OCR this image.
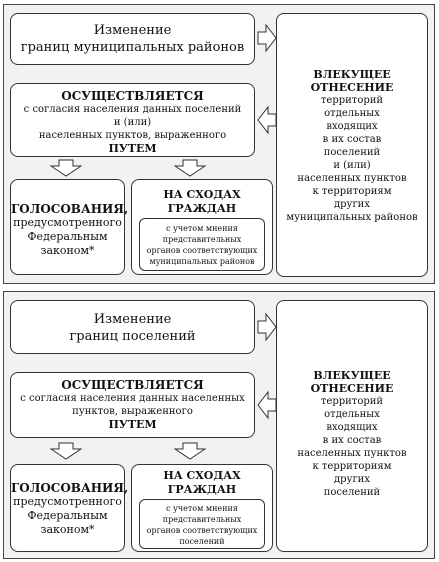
Изменение
границ муниципальных районов
ОСУЩЕСТВЛЯЕТСЯ
с согласия населения данных поселений
и (или)
населенных пунктов, выраженного
ПУТЕМ
ГОЛОСОВАНИЯ,
предусмотренного
Федеральным
законом*
НА СХОДАХ
ГРАЖДАН
с учетом мнения
представительных
органов соответствующих
муниципальных районов
ВЛЕКУЩЕЕ
ОТНЕСЕНИЕ
территорий
отдельных
входящих
в их состав
поселений
и (или)
населенных пунктов
к территориям
других
муниципальных районов
Изменение
границ поселений
ОСУЩЕСТВЛЯЕТСЯ
с согласия населения данных населенных
пунктов, выраженного
ПУТЕМ
ГОЛОСОВАНИЯ,
предусмотренного
Федеральным
законом*
НА СХОДАХ
ГРАЖДАН
с учетом мнения
представительных
органов соответствующих
поселений
ВЛЕКУЩЕЕ
ОТНЕСЕНИЕ
территорий
отдельных
входящих
в их состав
населенных пунктов
к территориям
других
поселений
